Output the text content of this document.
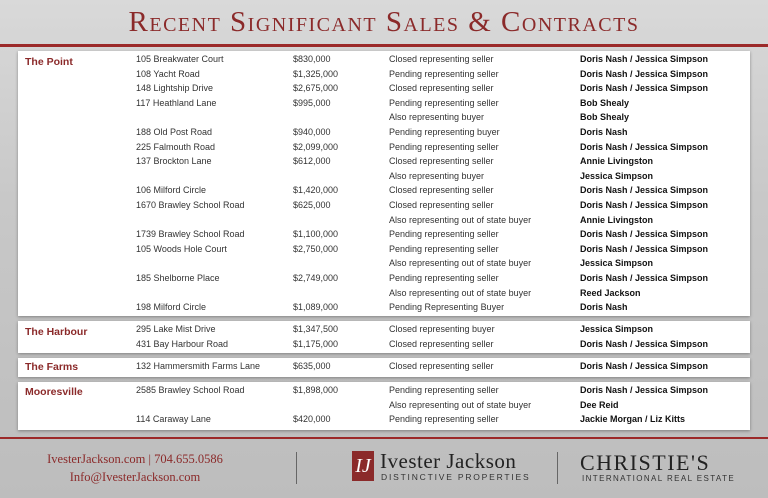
Recent Significant Sales & Contracts
The Point	105 Breakwater Court	$830,000	Closed representing seller	Doris Nash / Jessica Simpson
108 Yacht Road	$1,325,000	Pending representing seller	Doris Nash / Jessica Simpson
148 Lightship Drive	$2,675,000	Closed representing seller	Doris Nash / Jessica Simpson
117 Heathland Lane	$995,000	Pending representing seller	Bob Shealy
Also representing buyer	Bob Shealy
188 Old Post Road	$940,000	Pending representing buyer	Doris Nash
225 Falmouth Road	$2,099,000	Pending representing seller	Doris Nash / Jessica Simpson
137 Brockton Lane	$612,000	Closed representing seller	Annie Livingston
Also representing buyer	Jessica Simpson
106 Milford Circle	$1,420,000	Closed representing seller	Doris Nash / Jessica Simpson
1670 Brawley School Road	$625,000	Closed representing seller	Doris Nash / Jessica Simpson
Also representing out of state buyer	Annie Livingston
1739 Brawley School Road	$1,100,000	Pending representing seller	Doris Nash / Jessica Simpson
105 Woods Hole Court	$2,750,000	Pending representing seller	Doris Nash / Jessica Simpson
Also representing out of state buyer	Jessica Simpson
185 Shelborne Place	$2,749,000	Pending representing seller	Doris Nash / Jessica Simpson
Also representing out of state buyer	Reed Jackson
198 Milford Circle	$1,089,000	Pending Representing Buyer	Doris Nash
The Harbour	295 Lake Mist Drive	$1,347,500	Closed representing buyer	Jessica Simpson
431 Bay Harbour Road	$1,175,000	Closed representing seller	Doris Nash / Jessica Simpson
The Farms	132 Hammersmith Farms Lane	$635,000	Closed representing seller	Doris Nash / Jessica Simpson
Mooresville	2585 Brawley School Road	$1,898,000	Pending representing seller	Doris Nash / Jessica Simpson
Also representing out of state buyer	Dee Reid
114 Caraway Lane	$420,000	Pending representing seller	Jackie Morgan / Liz Kitts
IvesterJackson.com | 704.655.0586
Info@IvesterJackson.com	IJ Ivester Jackson
DISTINCTIVE PROPERTIES
CHRISTIE'S
INTERNATIONAL REAL ESTATE
